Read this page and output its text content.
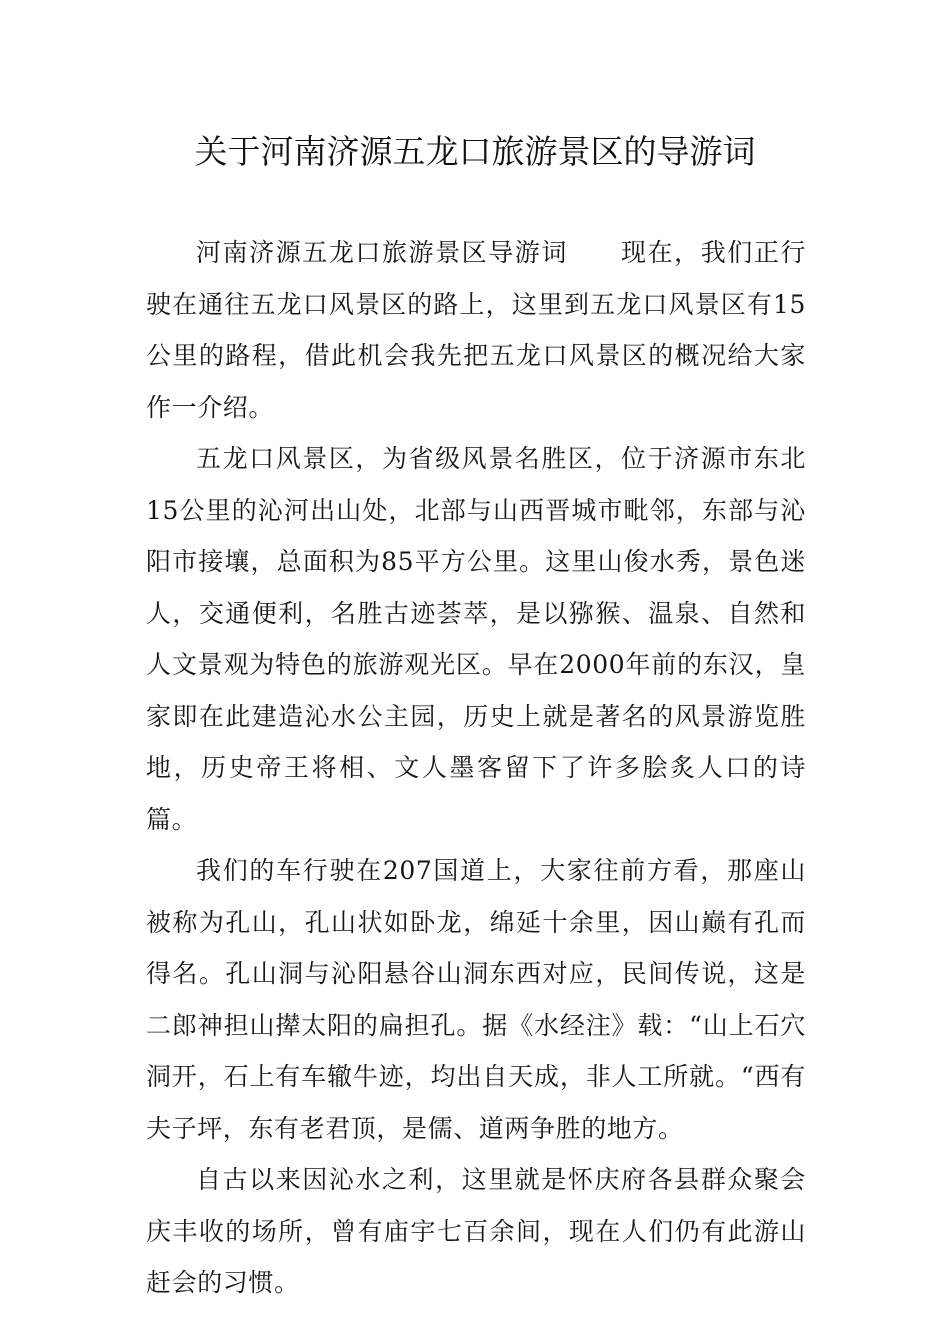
关于河南济源五龙口旅游景区的导游词

河南济源五龙口旅游景区导游词　　现在，我们正行驶在通往五龙口风景区的路上，这里到五龙口风景区有15公里的路程，借此机会我先把五龙口风景区的概况给大家作一介绍。

五龙口风景区，为省级风景名胜区，位于济源市东北15公里的沁河出山处，北部与山西晋城市毗邻，东部与沁阳市接壤，总面积为85平方公里。这里山俊水秀，景色迷人，交通便利，名胜古迹荟萃，是以猕猴、温泉、自然和人文景观为特色的旅游观光区。早在2000年前的东汉，皇家即在此建造沁水公主园，历史上就是著名的风景游览胜地，历史帝王将相、文人墨客留下了许多脍炙人口的诗篇。

我们的车行驶在207国道上，大家往前方看，那座山被称为孔山，孔山状如卧龙，绵延十余里，因山巅有孔而得名。孔山洞与沁阳悬谷山洞东西对应，民间传说，这是二郎神担山撵太阳的扁担孔。据《水经注》载：“山上石穴洞开，石上有车辙牛迹，均出自天成，非人工所就。“西有夫子坪，东有老君顶，是儒、道两争胜的地方。

自古以来因沁水之利，这里就是怀庆府各县群众聚会庆丰收的场所，曾有庙宇七百余间，现在人们仍有此游山赶会的习惯。
